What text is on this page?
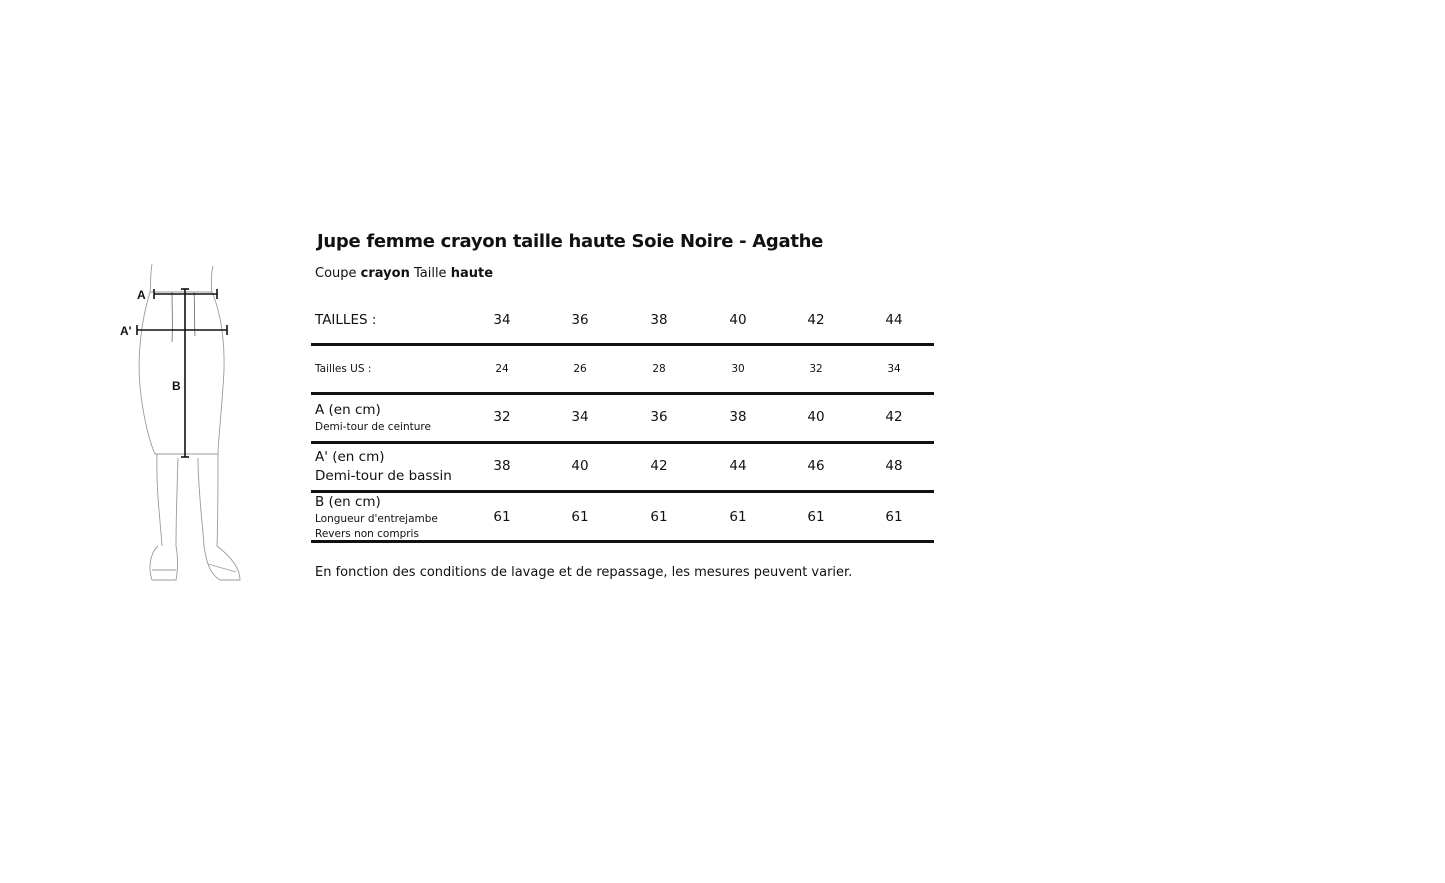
A
A'
B
Jupe femme crayon taille haute Soie Noire - Agathe
Coupe crayon Taille haute
TAILLES :	34	36	38	40	42	44
Tailles US :	24	26	28	30	32	34
A (en cm)
Demi-tour de ceinture
32	34	36	38	40	42
A' (en cm)
Demi-tour de bassin
38	40	42	44	46	48
B (en cm)
Longueur d'entrejambe
Revers non compris
61	61	61	61	61	61
En fonction des conditions de lavage et de repassage, les mesures peuvent varier.
